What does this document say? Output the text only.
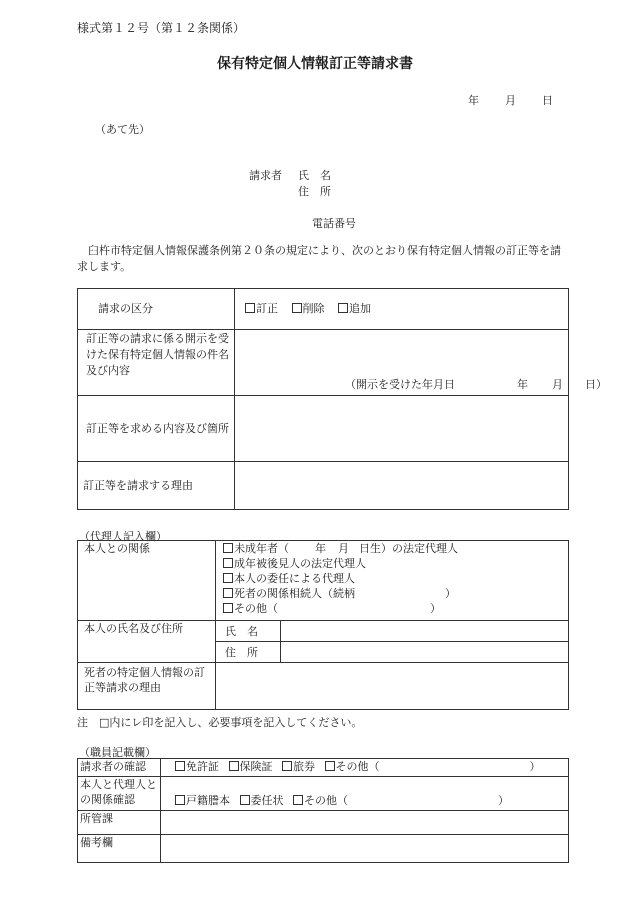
様式第１２号（第１２条関係）
保有特定個人情報訂正等請求書
年 月 日
（あて先）
請求者 氏　名
住　所
電話番号
臼杵市特定個人情報保護条例第２０条の規定により、次のとおり保有特定個人情報の訂正等を請求します。
請求の区分	訂正 削除 追加
訂正等の請求に係る開示を受けた保有特定個人情報の件名及び内容	（開示を受けた年月日 年 月 日）

訂正等を求める内容及び箇所	
訂正等を請求する理由	
（代理人記入欄）
本人との関係	未成年者（ 年 月 日生）の法定代理人
成年被後見人の法定代理人
本人の委任による代理人
死者の関係相続人（続柄 ）
その他（ ）	

本人の氏名及び住所	氏　名	
	住　所	
死者の特定個人情報の訂正等請求の理由		
注　□内にレ印を記入し、必要事項を記入してください。
（職員記載欄）
請求者の確認	免許証 保険証 旅券 その他（ ）
本人と代理人との関係確認	戸籍謄本 委任状 その他（ ）
所管課	
備考欄	
